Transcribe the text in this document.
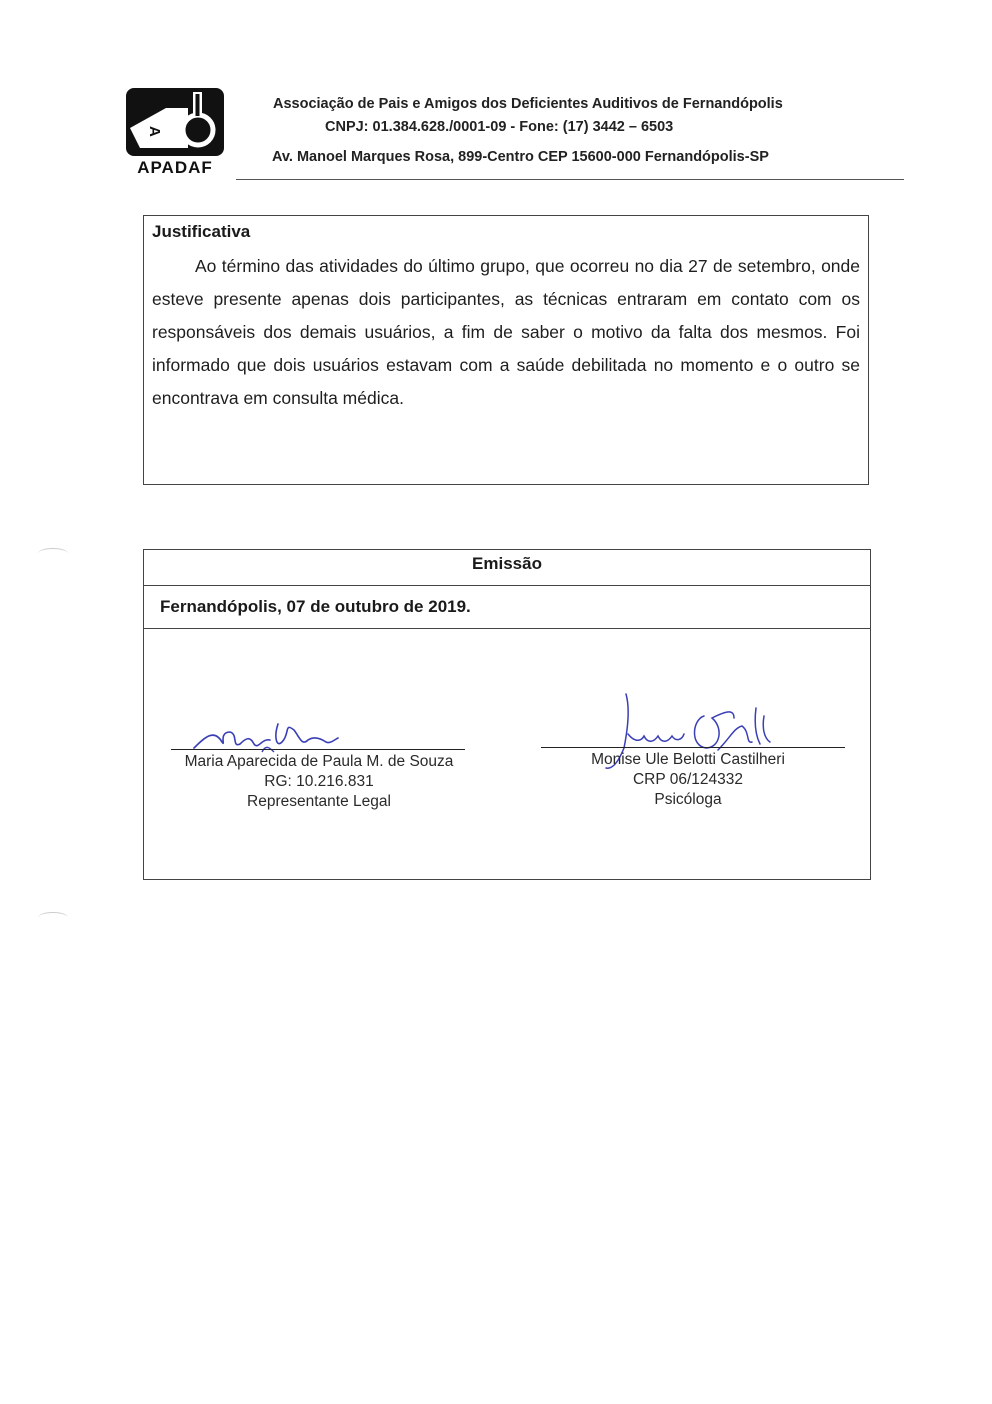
A
APADAF
Associação de Pais e Amigos dos Deficientes Auditivos de Fernandópolis
CNPJ: 01.384.628./0001-09 - Fone: (17) 3442 – 6503
Av. Manoel Marques Rosa, 899-Centro CEP 15600-000 Fernandópolis-SP
Justificativa
Ao término das atividades do último grupo, que ocorreu no dia 27 de setembro, onde esteve presente apenas dois participantes, as técnicas entraram em contato com os responsáveis dos demais usuários, a fim de saber o motivo da falta dos mesmos. Foi informado que dois usuários estavam com a saúde debilitada no momento e o outro se encontrava em consulta médica.
Emissão
Fernandópolis, 07 de outubro de 2019.
Maria Aparecida de Paula M. de Souza
RG: 10.216.831
Representante Legal
Monise Ule Belotti Castilheri
CRP 06/124332
Psicóloga
